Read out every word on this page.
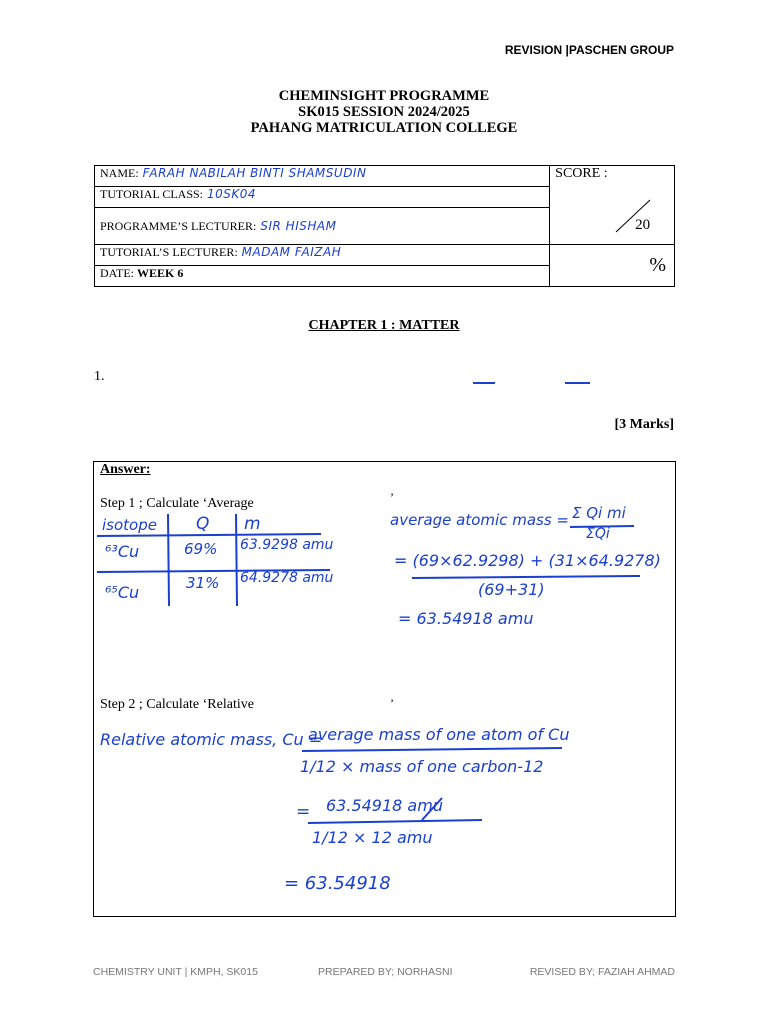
REVISION |PASCHEN GROUP
CHEMINSIGHT PROGRAMME
SK015 SESSION 2024/2025
PAHANG MATRICULATION COLLEGE
NAME: FARAH NABILAH BINTI SHAMSUDIN	SCORE :
20

TUTORIAL CLASS: 10SK04	
PROGRAMME’S LECTURER: SIR HISHAM	
TUTORIAL’S LECTURER: MADAM FAIZAH	%
DATE: WEEK 6	
CHAPTER 1 : MATTER
1.
[3 Marks]
Answer:
Step 1 ; Calculate ‘Average	’
isotope Q m
⁶³Cu	69% 63.9298 amu
⁶⁵Cu	31% 64.9278 amu
average atomic mass = Σ Qi mi
ΣQi
= (69×62.9298) + (31×64.9278)
(69+31)
= 63.54918 amu
Step 2 ; Calculate ‘Relative	’
Relative atomic mass, Cu =
average mass of one atom of Cu
1/12 × mass of one carbon-12
= 63.54918 amu
1/12 × 12 amu
= 63.54918
CHEMISTRY UNIT | KMPH, SK015	PREPARED BY; NORHASNI	REVISED BY; FAZIAH AHMAD
